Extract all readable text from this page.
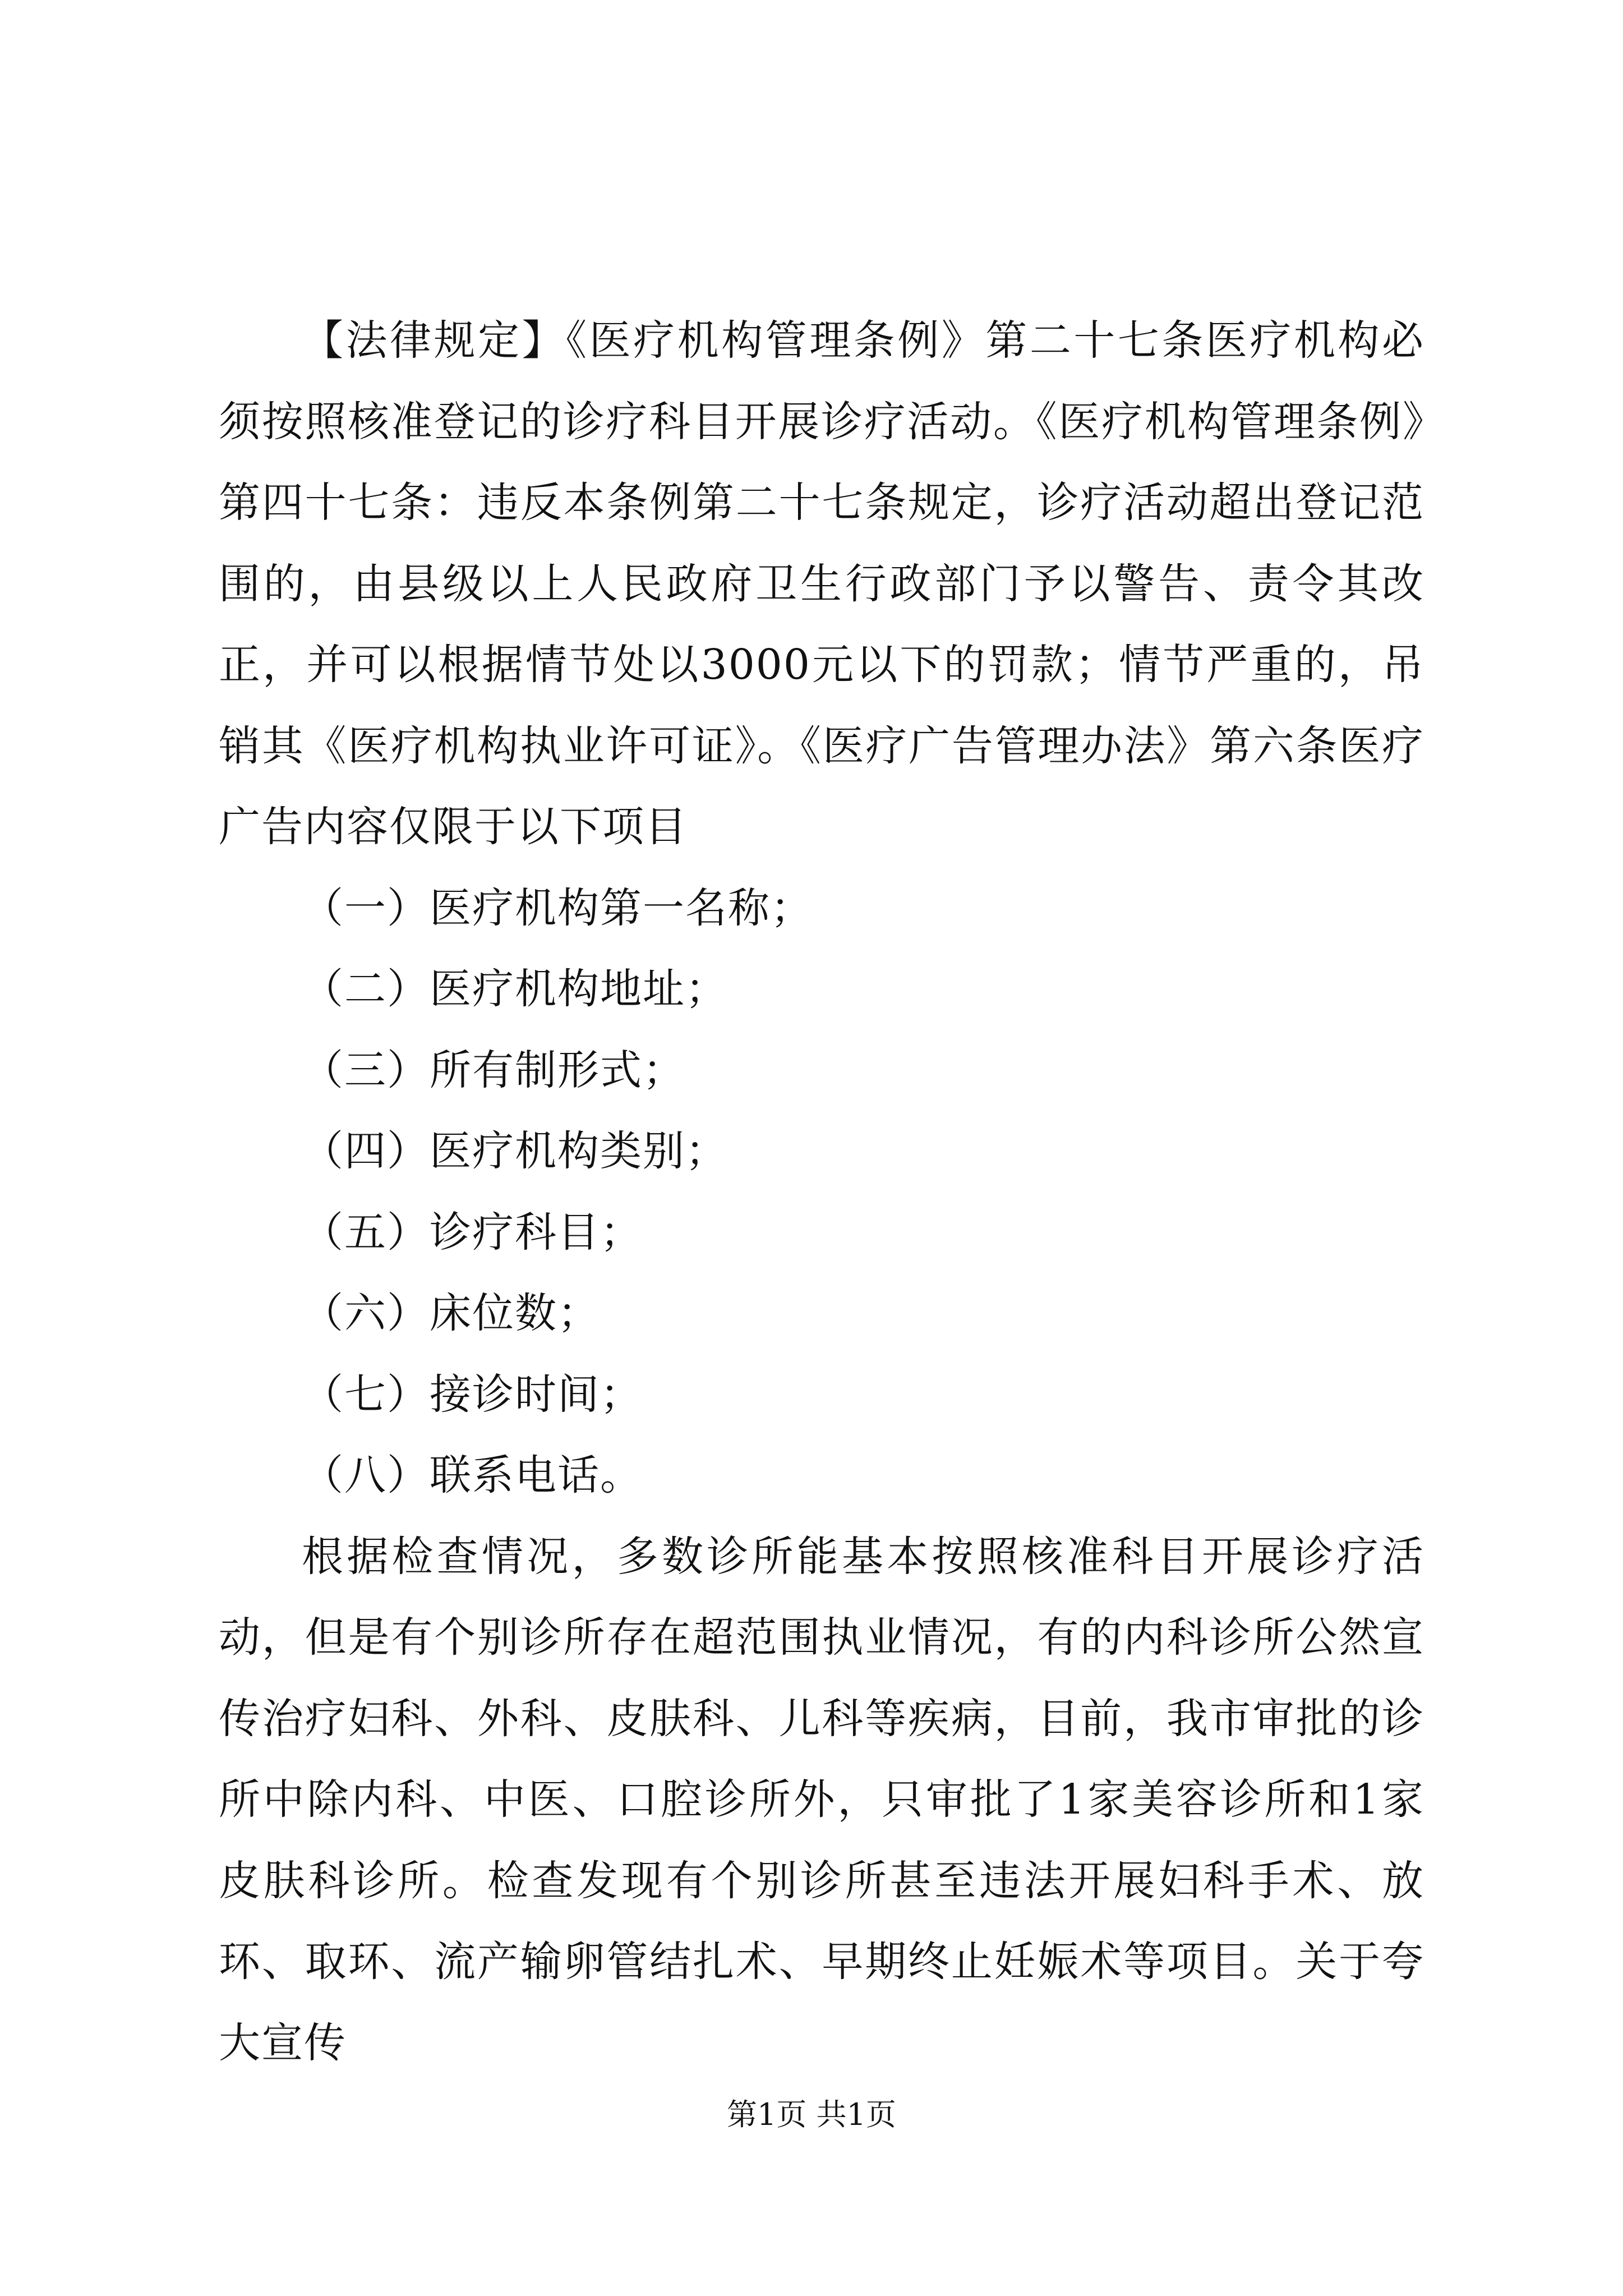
【法律规定】《医疗机构管理条例》第二十七条医疗机构必须按照核准登记的诊疗科目开展诊疗活动。《医疗机构管理条例》第四十七条：违反本条例第二十七条规定，诊疗活动超出登记范围的，由县级以上人民政府卫生行政部门予以警告、责令其改正，并可以根据情节处以3000元以下的罚款；情节严重的，吊销其《医疗机构执业许可证》。《医疗广告管理办法》第六条医疗广告内容仅限于以下项目

（一）医疗机构第一名称；

（二）医疗机构地址；

（三）所有制形式；

（四）医疗机构类别；

（五）诊疗科目；

（六）床位数；

（七）接诊时间；

（八）联系电话。

根据检查情况，多数诊所能基本按照核准科目开展诊疗活动，但是有个别诊所存在超范围执业情况，有的内科诊所公然宣传治疗妇科、外科、皮肤科、儿科等疾病，目前，我市审批的诊所中除内科、中医、口腔诊所外，只审批了1家美容诊所和1家皮肤科诊所。检查发现有个别诊所甚至违法开展妇科手术、放环、取环、流产输卵管结扎术、早期终止妊娠术等项目。关于夸大宣传

第1页 共1页
